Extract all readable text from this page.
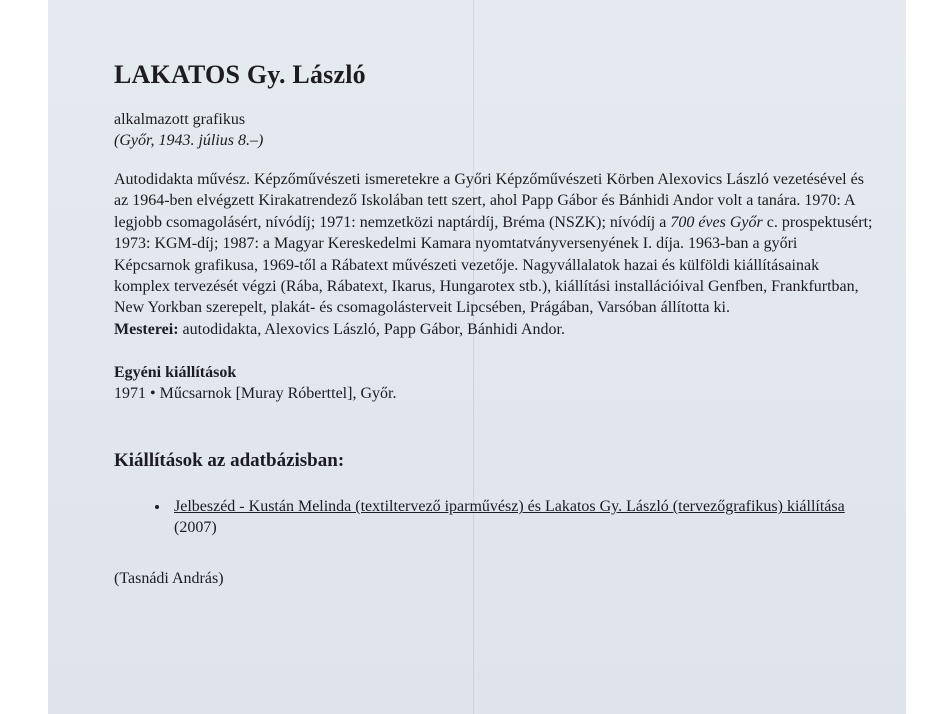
LAKATOS Gy. László
alkalmazott grafikus
(Győr, 1943. július 8.–)

Autodidakta művész. Képzőművészeti ismeretekre a Győri Képzőművészeti Körben Alexovics László vezetésével és az 1964-ben elvégzett Kirakatrendező Iskolában tett szert, ahol Papp Gábor és Bánhidi Andor volt a tanára. 1970: A legjobb csomagolásért, nívódíj; 1971: nemzetközi naptárdíj, Bréma (NSZK); nívódíj a 700 éves Győr c. prospektusért; 1973: KGM-díj; 1987: a Magyar Kereskedelmi Kamara nyomtatványversenyének I. díja. 1963-ban a győri Képcsarnok grafikusa, 1969-től a Rábatext művészeti vezetője. Nagyvállalatok hazai és külföldi kiállításainak komplex tervezését végzi (Rába, Rábatext, Ikarus, Hungarotex stb.), kiállítási installációival Genfben, Frankfurtban, New Yorkban szerepelt, plakát- és csomagolásterveit Lipcsében, Prágában, Varsóban állította ki.

Mesterei: autodidakta, Alexovics László, Papp Gábor, Bánhidi Andor.

Egyéni kiállítások
1971 • Műcsarnok [Muray Róberttel], Győr.
Kiállítások az adatbázisban:
• Jelbeszéd - Kustán Melinda (textiltervező iparművész) és Lakatos Gy. László (tervezőgrafikus) kiállítása (2007)
(Tasnádi András)
